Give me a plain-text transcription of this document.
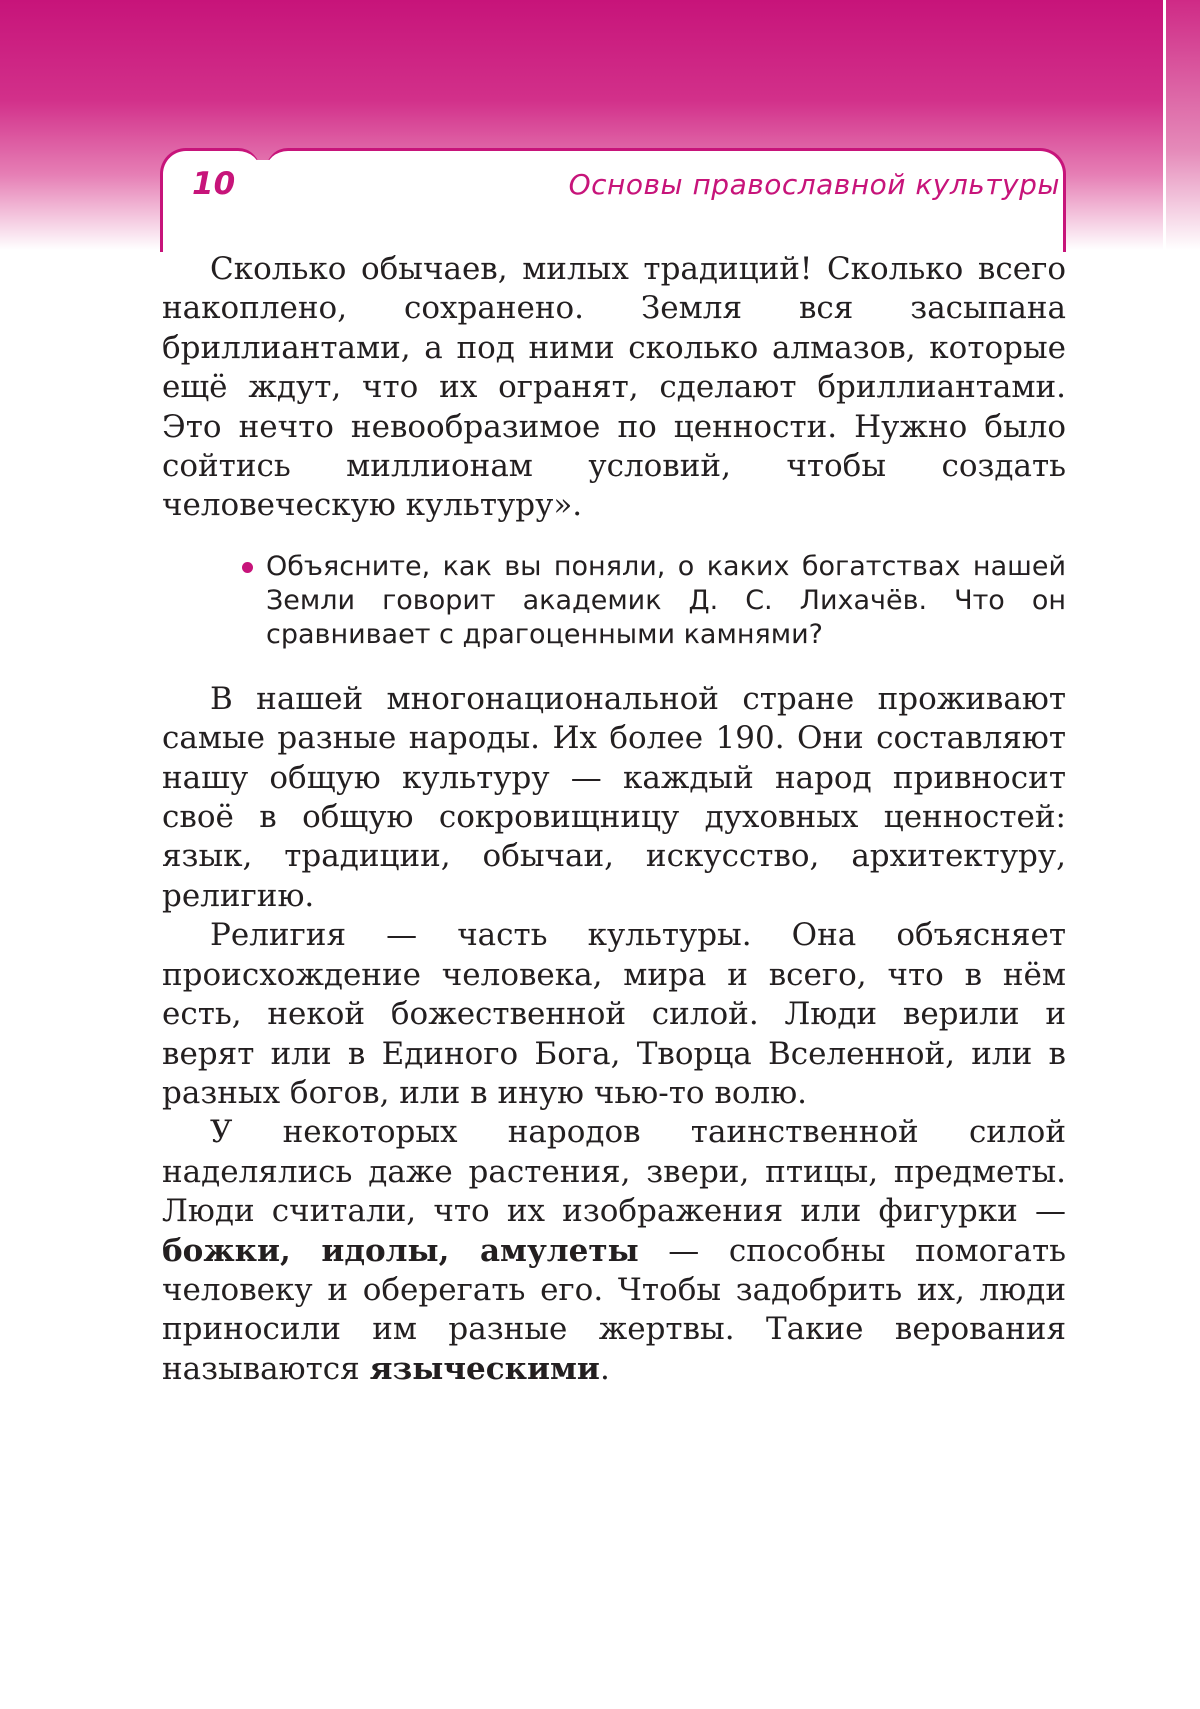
10	Основы православной культуры

Сколько обычаев, милых традиций! Сколько всего накоплено, сохранено. Земля вся засыпана бриллиантами, а под ними сколько алмазов, которые ещё ждут, что их огранят, сделают бриллиантами. Это нечто невообразимое по ценности. Нужно было сойтись миллионам условий, чтобы создать человеческую культуру».

Объясните, как вы поняли, о каких богатствах нашей Земли говорит академик Д. С. Лихачёв. Что он сравнивает с драгоценными камнями?

В нашей многонациональной стране проживают самые разные народы. Их более 190. Они составляют нашу общую культуру — каждый народ привносит своё в общую сокровищницу духовных ценностей: язык, традиции, обычаи, искусство, архитектуру, религию.

Религия — часть культуры. Она объясняет происхождение человека, мира и всего, что в нём есть, некой божественной силой. Люди верили и верят или в Единого Бога, Творца Вселенной, или в разных богов, или в иную чью-то волю.

У некоторых народов таинственной силой наделялись даже растения, звери, птицы, предметы. Люди считали, что их изображения или фигурки — божки, идолы, амулеты — способны помогать человеку и оберегать его. Чтобы задобрить их, люди приносили им разные жертвы. Такие верования называются языческими.
